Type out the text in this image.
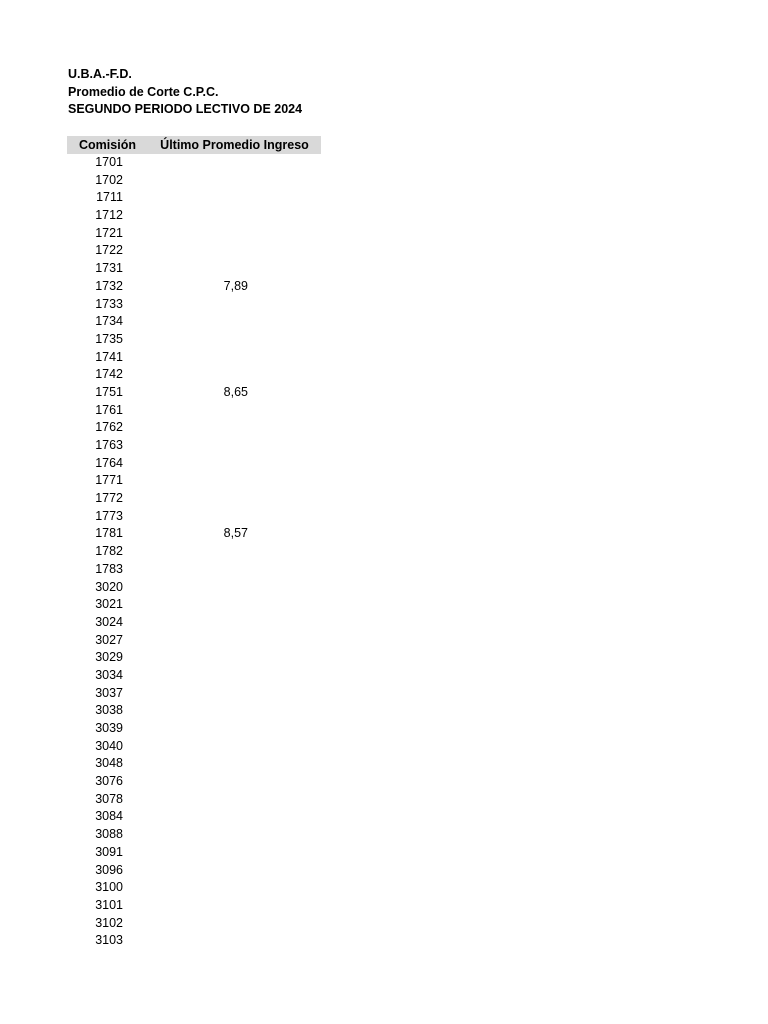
U.B.A.-F.D.
Promedio de Corte C.P.C.
SEGUNDO PERIODO LECTIVO DE 2024
Comisión	Último Promedio Ingreso
1701
1702
1711
1712
1721
1722
1731
1732	7,89
1733
1734
1735
1741
1742
1751	8,65
1761
1762
1763
1764
1771
1772
1773
1781	8,57
1782
1783
3020
3021
3024
3027
3029
3034
3037
3038
3039
3040
3048
3076
3078
3084
3088
3091
3096
3100
3101
3102
3103
